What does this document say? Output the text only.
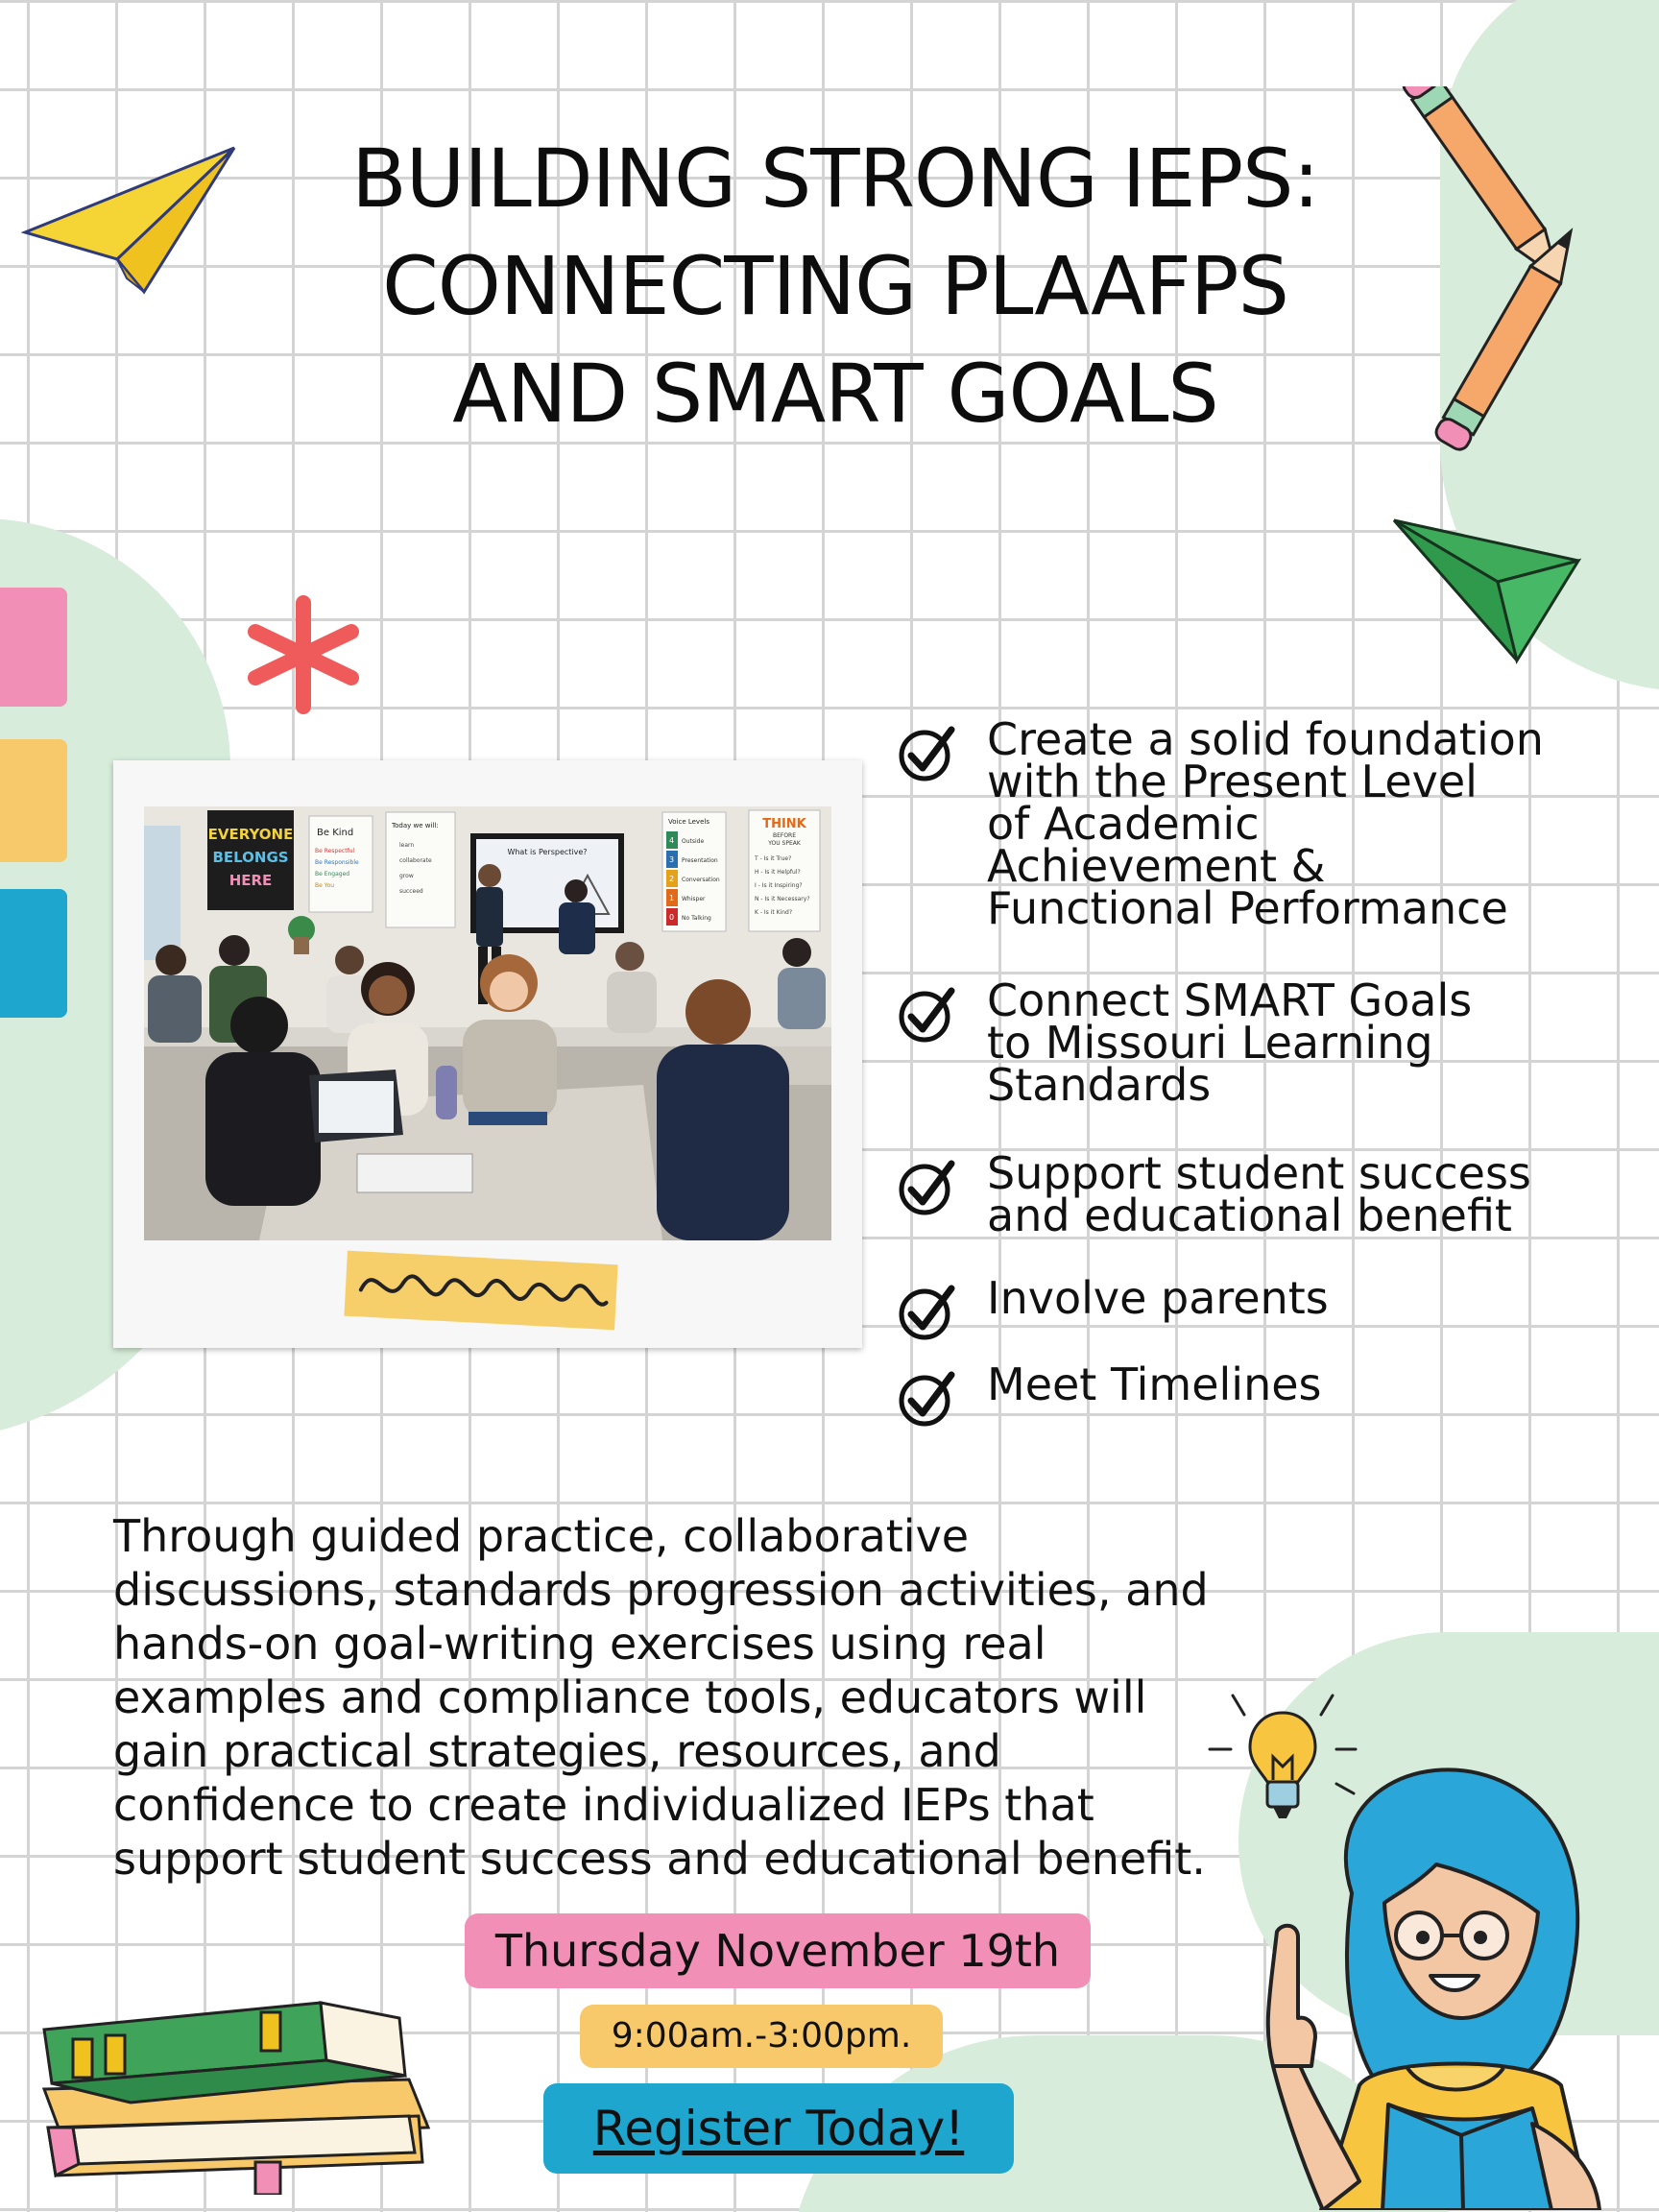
BUILDING STRONG IEPS:
CONNECTING PLAAFPS
AND SMART GOALS
EVERYONE
BELONGS
HERE
Be Kind
Be Respectful
Be Responsible
Be Engaged
Be You
Today we will:
learn
collaborate
grow
succeed
What is Perspective?
Voice Levels
4
3
2
1
0
Outside
Presentation
Conversation
Whisper
No Talking
THINK
BEFORE
YOU SPEAK
T - Is it True?
H - Is it Helpful?
I - Is it Inspiring?
N - Is it Necessary?
K - Is it Kind?
Create a solid foundation
with the Present Level
of Academic
Achievement &
Functional Performance
Connect SMART Goals
to Missouri Learning
Standards
Support student success
and educational benefit
Involve parents
Meet Timelines
Through guided practice, collaborative
discussions, standards progression activities, and
hands-on goal-writing exercises using real
examples and compliance tools, educators will
gain practical strategies, resources, and
confidence to create individualized IEPs that
support student success and educational benefit.
Thursday November 19th
9:00am.-3:00pm.
Register Today!
